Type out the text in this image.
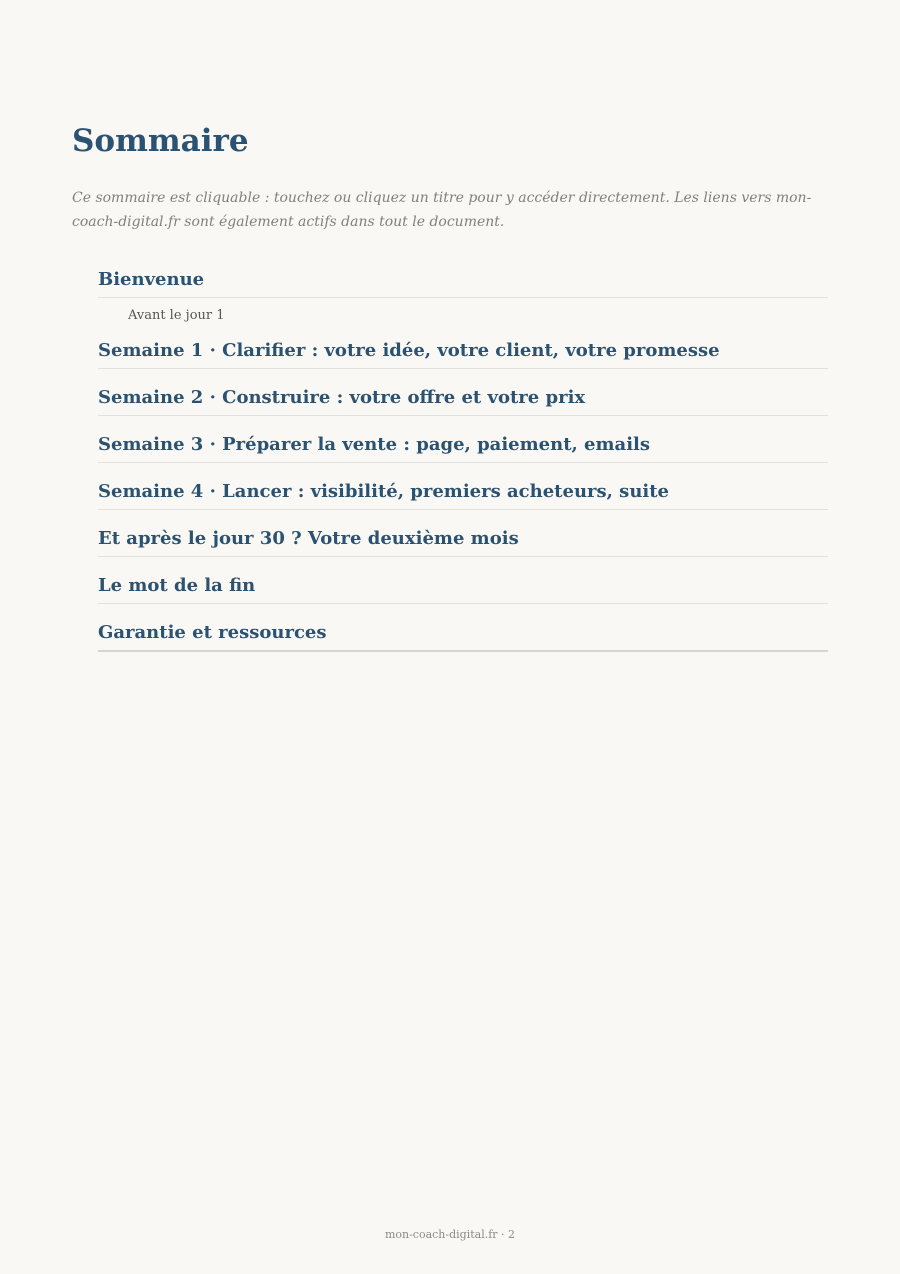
Sommaire

Ce sommaire est cliquable : touchez ou cliquez un titre pour y accéder directement. Les liens vers mon-coach-digital.fr sont également actifs dans tout le document.

Bienvenue
Avant le jour 1
Semaine 1 · Clarifier : votre idée, votre client, votre promesse
Semaine 2 · Construire : votre offre et votre prix
Semaine 3 · Préparer la vente : page, paiement, emails
Semaine 4 · Lancer : visibilité, premiers acheteurs, suite
Et après le jour 30 ? Votre deuxième mois
Le mot de la fin
Garantie et ressources
mon-coach-digital.fr · 2
